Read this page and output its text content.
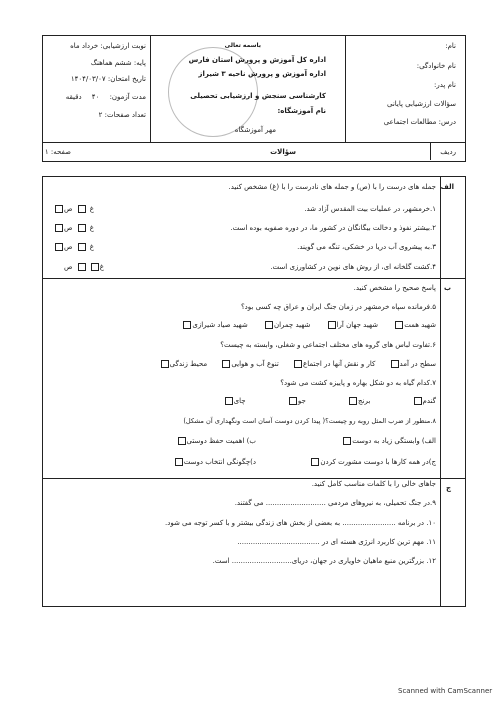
نام:
نام خانوادگی:
نام پدر:
سؤالات ارزشیابی پایانی
درس: مطالعات اجتماعی
باسمه تعالی
اداره کل آموزش و پرورش استان فارس
اداره آموزش و پرورش ناحیه ۳ شیراز
کارشناسی سنجش و ارزشیابی تحصیلی
نام آموزشگاه:
مهر آموزشگاه
نوبت ارزشیابی: خرداد ماه
پایه: ششم هماهنگ
تاریخ امتحان: ۱۴۰۴/۰۳/۰۷
مدت آزمون: ۴۰ دقیقه
تعداد صفحات: ۲
ردیف
سؤالات
صفحه: ۱
الف
جمله های درست را با (ص) و جمله های نادرست را با (غ) مشخص کنید.
۱.خرمشهر، در عملیات بیت المقدس آزاد شد.
غ ص
۲.بیشتر نفوذ و دخالت بیگانگان در کشور ما، در دوره صفویه بوده است.
غ ص
۳.به پیشروی آب دریا در خشکی، تنگه می گویند.
غ ص
۴.کشت گلخانه ای، از روش های نوین در کشاورزی است.
غ ص
ب
پاسخ صحیح را مشخص کنید.
۵.فرمانده سپاه خرمشهر در زمان جنگ ایران و عراق چه کسی بود؟
شهید همت شهید جهان آرا شهید چمران شهید صیاد شیرازی
۶.تفاوت لباس های گروه های مختلف اجتماعی و شغلی، وابسته به چیست؟
سطح در آمد کار و نقش آنها در اجتماع تنوع آب و هوایی محیط زندگی
۷.کدام گیاه به دو شکل بهاره و پاییزه کشت می شود؟
گندم برنج جو چای
۸.منظور از ضرب المثل روبه رو چیست؟( پیدا کردن دوست آسان است ونگهداری آن مشکل)
الف) وابستگی زیاد به دوست
ب) اهمیت حفظ دوستی
ج)در همه کارها با دوست مشورت کردن
د)چگونگی انتخاب دوست
ج
جاهای خالی را با کلمات مناسب کامل کنید.
۹.در جنگ تحمیلی، به نیروهای مردمی ........................... می گفتند.
۱۰. در برنامه ........................ به بعضی از بخش های زندگی بیشتر و با کسر توجه می شود.
۱۱. مهم ترین کاربرد انرژی هسته ای در .....................................
۱۲. بزرگترین منبع ماهیان خاویاری در جهان، دریای........................... است.
Scanned with CamScanner
